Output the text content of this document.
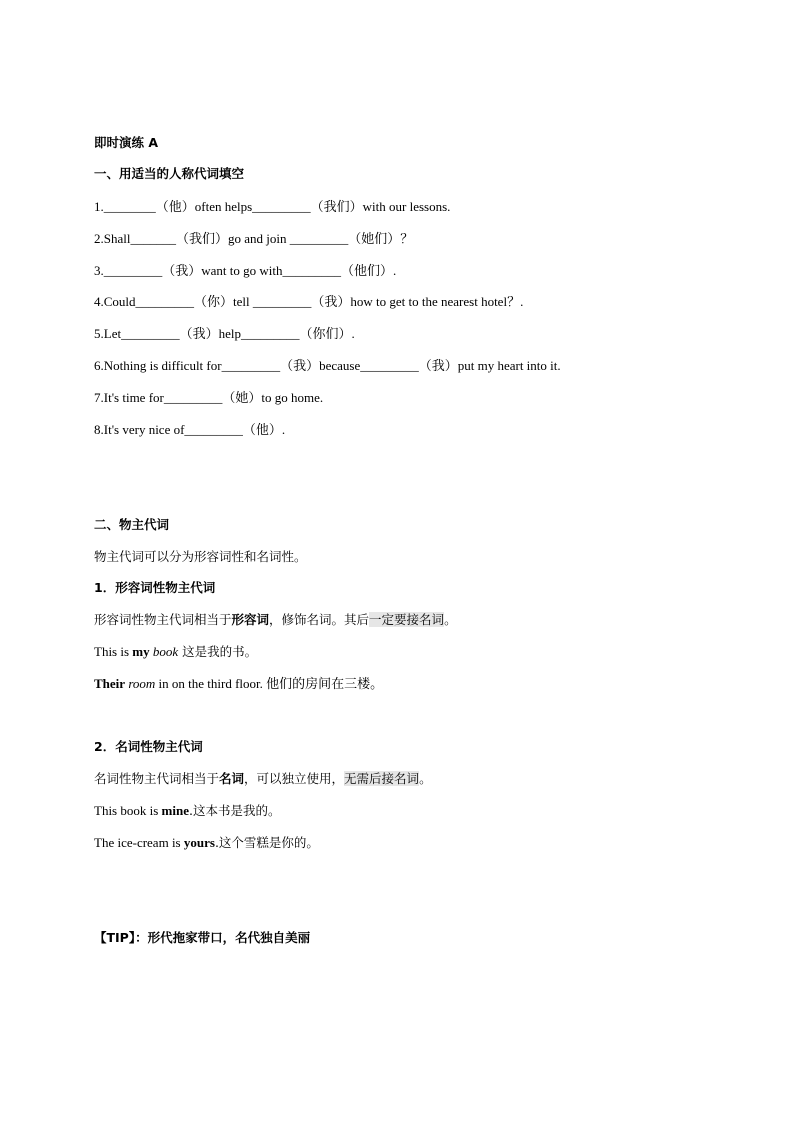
即时演练 A
一、用适当的人称代词填空
1.________（他）often helps_________（我们）with our lessons.
2.Shall_______（我们）go and join _________（她们）？
3._________（我）want to go with_________（他们）.
4.Could_________（你）tell _________（我）how to get to the nearest hotel？.
5.Let_________（我）help_________（你们）.
6.Nothing is difficult for_________（我）because_________（我）put my heart into it.
7.It's time for_________（她）to go home.
8.It's very nice of_________（他）.
二、物主代词
物主代词可以分为形容词性和名词性。
1．形容词性物主代词
形容词性物主代词相当于形容词，修饰名词。其后一定要接名词。
This is my book 这是我的书。
Their room in on the third floor. 他们的房间在三楼。
2．名词性物主代词
名词性物主代词相当于名词，可以独立使用，无需后接名词。
This book is mine.这本书是我的。
The ice-cream is yours.这个雪糕是你的。
【TIP】：形代拖家带口，名代独自美丽
